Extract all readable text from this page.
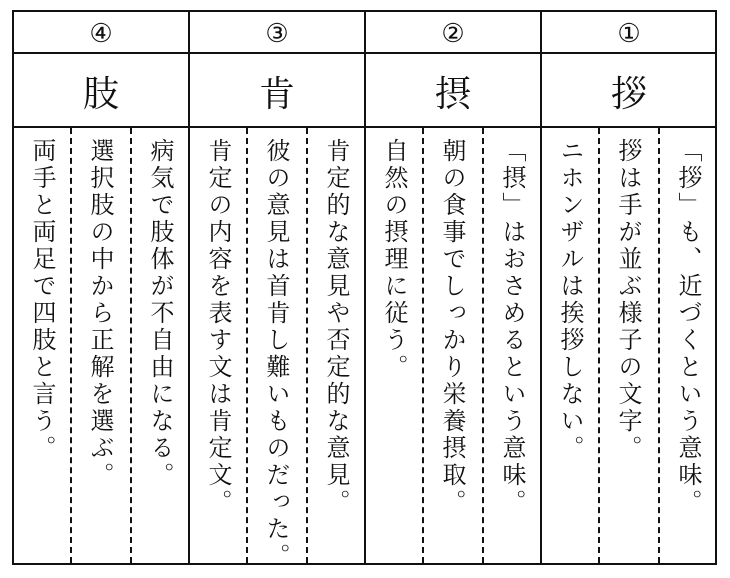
④	③	②	①
肢	肯	摂	拶
両手と両足で四肢と言う。	選択肢の中から正解を選ぶ。	病気で肢体が不自由になる。	肯定の内容を表す文は肯定文。	彼の意見は首肯し難いものだった。	肯定的な意見や否定的な意見。	自然の摂理に従う。	朝の食事でしっかり栄養摂取。	「摂」はおさめるという意味。	ニホンザルは挨拶しない。	拶は手が並ぶ様子の文字。	「拶」も、近づくという意味。
